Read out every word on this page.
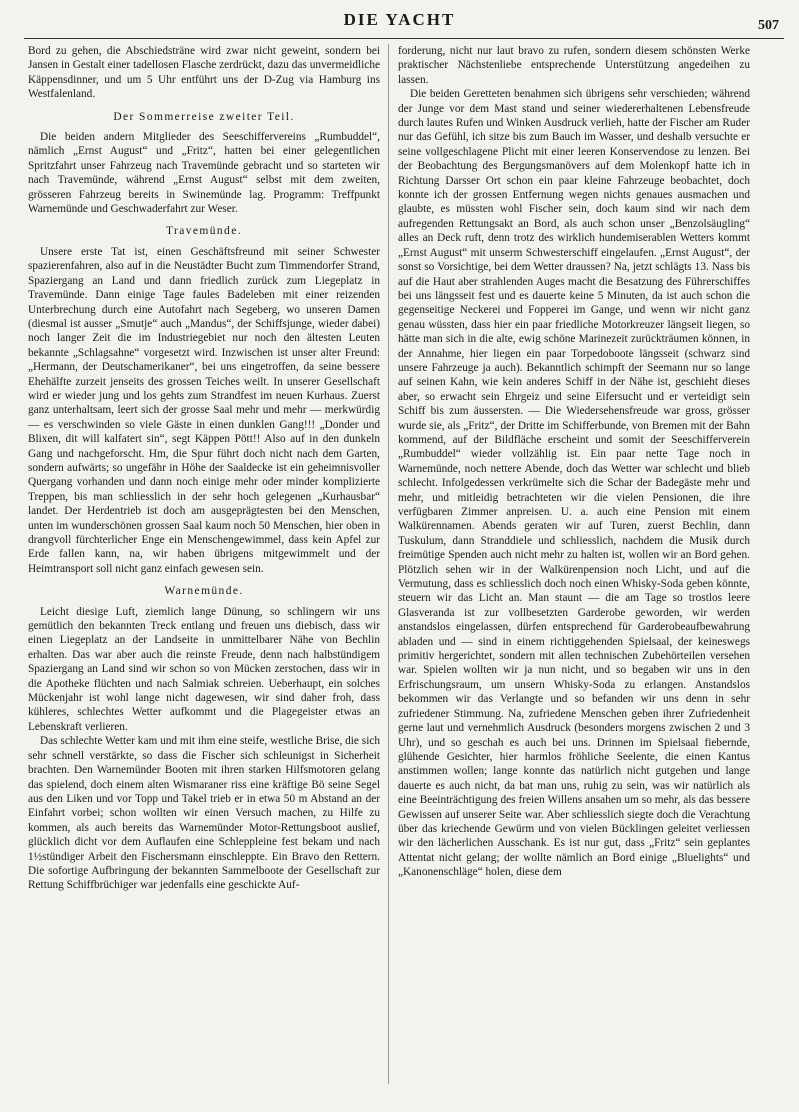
DIE YACHT	507

Bord zu gehen, die Abschiedsträne wird zwar nicht geweint, sondern bei Jansen in Gestalt einer tadellosen Flasche zerdrückt, dazu das unvermeidliche Käppensdinner, und um 5 Uhr entführt uns der D-Zug via Hamburg ins Westfalenland.

Der Sommerreise zweiter Teil.

Die beiden andern Mitglieder des Seeschiffervereins „Rumbuddel“, nämlich „Ernst August“ und „Fritz“, hatten bei einer gelegentlichen Spritzfahrt unser Fahrzeug nach Travemünde gebracht und so starteten wir nach Travemünde, während „Ernst August“ selbst mit dem zweiten, grösseren Fahrzeug bereits in Swinemünde lag. Programm: Treffpunkt Warnemünde und Geschwaderfahrt zur Weser.

Travemünde.

Unsere erste Tat ist, einen Geschäftsfreund mit seiner Schwester spazierenfahren, also auf in die Neustädter Bucht zum Timmendorfer Strand, Spaziergang an Land und dann friedlich zurück zum Liegeplatz in Travemünde. Dann einige Tage faules Badeleben mit einer reizenden Unterbrechung durch eine Autofahrt nach Segeberg, wo unseren Damen (diesmal ist ausser „Smutje“ auch „Mandus“, der Schiffsjunge, wieder dabei) noch langer Zeit die im Industriegebiet nur noch den ältesten Leuten bekannte „Schlagsahne“ vorgesetzt wird. Inzwischen ist unser alter Freund: „Hermann, der Deutschamerikaner“, bei uns eingetroffen, da seine bessere Ehehälfte zurzeit jenseits des grossen Teiches weilt. In unserer Gesellschaft wird er wieder jung und los gehts zum Strandfest im neuen Kurhaus. Zuerst ganz unterhaltsam, leert sich der grosse Saal mehr und mehr — merkwürdig — es verschwinden so viele Gäste in einen dunklen Gang!!! „Donder und Blixen, dit will kalfatert sin“, segt Käppen Pött!! Also auf in den dunkeln Gang und nachgeforscht. Hm, die Spur führt doch nicht nach dem Garten, sondern aufwärts; so ungefähr in Höhe der Saaldecke ist ein geheimnisvoller Quergang vorhanden und dann noch einige mehr oder minder komplizierte Treppen, bis man schliesslich in der sehr hoch gelegenen „Kurhausbar“ landet. Der Herdentrieb ist doch am ausgeprägtesten bei den Menschen, unten im wunderschönen grossen Saal kaum noch 50 Menschen, hier oben in drangvoll fürchterlicher Enge ein Menschengewimmel, dass kein Apfel zur Erde fallen kann, na, wir haben übrigens mitgewimmelt und der Heimtransport soll nicht ganz einfach gewesen sein.

Warnemünde.

Leicht diesige Luft, ziemlich lange Dünung, so schlingern wir uns gemütlich den bekannten Treck entlang und freuen uns diebisch, dass wir einen Liegeplatz an der Landseite in unmittelbarer Nähe von Bechlin erhalten. Das war aber auch die reinste Freude, denn nach halbstündigem Spaziergang an Land sind wir schon so von Mücken zerstochen, dass wir in die Apotheke flüchten und nach Salmiak schreien. Ueberhaupt, ein solches Mückenjahr ist wohl lange nicht dagewesen, wir sind daher froh, dass kühleres, schlechtes Wetter aufkommt und die Plagegeister etwas an Lebenskraft verlieren.

Das schlechte Wetter kam und mit ihm eine steife, westliche Brise, die sich sehr schnell verstärkte, so dass die Fischer sich schleunigst in Sicherheit brachten. Den Warnemünder Booten mit ihren starken Hilfsmotoren gelang das spielend, doch einem alten Wismaraner riss eine kräftige Bö seine Segel aus den Liken und vor Topp und Takel trieb er in etwa 50 m Abstand an der Einfahrt vorbei; schon wollten wir einen Versuch machen, zu Hilfe zu kommen, als auch bereits das Warnemünder Motor-Rettungsboot auslief, glücklich dicht vor dem Auflaufen eine Schleppleine fest bekam und nach 1½stündiger Arbeit den Fischersmann einschleppte. Ein Bravo den Rettern. Die sofortige Aufbringung der bekannten Sammelboote der Gesellschaft zur Rettung Schiffbrüchiger war jedenfalls eine geschickte Auf-

forderung, nicht nur laut bravo zu rufen, sondern diesem schönsten Werke praktischer Nächstenliebe entsprechende Unterstützung angedeihen zu lassen.

Die beiden Geretteten benahmen sich übrigens sehr verschieden; während der Junge vor dem Mast stand und seiner wiedererhaltenen Lebensfreude durch lautes Rufen und Winken Ausdruck verlieh, hatte der Fischer am Ruder nur das Gefühl, ich sitze bis zum Bauch im Wasser, und deshalb versuchte er seine vollgeschlagene Plicht mit einer leeren Konservendose zu lenzen. Bei der Beobachtung des Bergungsmanövers auf dem Molenkopf hatte ich in Richtung Darsser Ort schon ein paar kleine Fahrzeuge beobachtet, doch konnte ich der grossen Entfernung wegen nichts genaues ausmachen und glaubte, es müssten wohl Fischer sein, doch kaum sind wir nach dem aufregenden Rettungsakt an Bord, als auch schon unser „Benzolsäugling“ alles an Deck ruft, denn trotz des wirklich hundemiserablen Wetters kommt „Ernst August“ mit unserm Schwesterschiff eingelaufen. „Ernst August“, der sonst so Vorsichtige, bei dem Wetter draussen? Na, jetzt schlägts 13. Nass bis auf die Haut aber strahlenden Auges macht die Besatzung des Führerschiffes bei uns längsseit fest und es dauerte keine 5 Minuten, da ist auch schon die gegenseitige Neckerei und Fopperei im Gange, und wenn wir nicht ganz genau wüssten, dass hier ein paar friedliche Motorkreuzer längseit liegen, so hätte man sich in die alte, ewig schöne Marinezeit zurückträumen können, in der Annahme, hier liegen ein paar Torpedoboote längsseit (schwarz sind unsere Fahrzeuge ja auch). Bekanntlich schimpft der Seemann nur so lange auf seinen Kahn, wie kein anderes Schiff in der Nähe ist, geschieht dieses aber, so erwacht sein Ehrgeiz und seine Eifersucht und er verteidigt sein Schiff bis zum äussersten. — Die Wiedersehensfreude war gross, grösser wurde sie, als „Fritz“, der Dritte im Schifferbunde, von Bremen mit der Bahn kommend, auf der Bildfläche erscheint und somit der Seeschifferverein „Rumbuddel“ wieder vollzählig ist. Ein paar nette Tage noch in Warnemünde, noch nettere Abende, doch das Wetter war schlecht und blieb schlecht. Infolgedessen verkrümelte sich die Schar der Badegäste mehr und mehr, und mitleidig betrachteten wir die vielen Pensionen, die ihre verfügbaren Zimmer anpreisen. U. a. auch eine Pension mit einem Walkürennamen. Abends geraten wir auf Turen, zuerst Bechlin, dann Tuskulum, dann Stranddiele und schliesslich, nachdem die Musik durch freimütige Spenden auch nicht mehr zu halten ist, wollen wir an Bord gehen. Plötzlich sehen wir in der Walkürenpension noch Licht, und auf die Vermutung, dass es schliesslich doch noch einen Whisky-Soda geben könnte, steuern wir das Licht an. Man staunt — die am Tage so trostlos leere Glasveranda ist zur vollbesetzten Garderobe geworden, wir werden anstandslos eingelassen, dürfen entsprechend für Garderobeaufbewahrung abladen und — sind in einem richtiggehenden Spielsaal, der keineswegs primitiv hergerichtet, sondern mit allen technischen Zubehörteilen versehen war. Spielen wollten wir ja nun nicht, und so begaben wir uns in den Erfrischungsraum, um unsern Whisky-Soda zu erlangen. Anstandslos bekommen wir das Verlangte und so befanden wir uns denn in sehr zufriedener Stimmung. Na, zufriedene Menschen geben ihrer Zufriedenheit gerne laut und vernehmlich Ausdruck (besonders morgens zwischen 2 und 3 Uhr), und so geschah es auch bei uns. Drinnen im Spielsaal fiebernde, glühende Gesichter, hier harmlos fröhliche Seelente, die einen Kantus anstimmen wollen; lange konnte das natürlich nicht gutgehen und lange dauerte es auch nicht, da bat man uns, ruhig zu sein, was wir natürlich als eine Beeinträchtigung des freien Willens ansahen um so mehr, als das bessere Gewissen auf unserer Seite war. Aber schliesslich siegte doch die Verachtung über das kriechende Gewürm und von vielen Bücklingen geleitet verliessen wir den lächerlichen Ausschank. Es ist nur gut, dass „Fritz“ sein geplantes Attentat nicht gelang; der wollte nämlich an Bord einige „Bluelights“ und „Kanonenschläge“ holen, diese dem
